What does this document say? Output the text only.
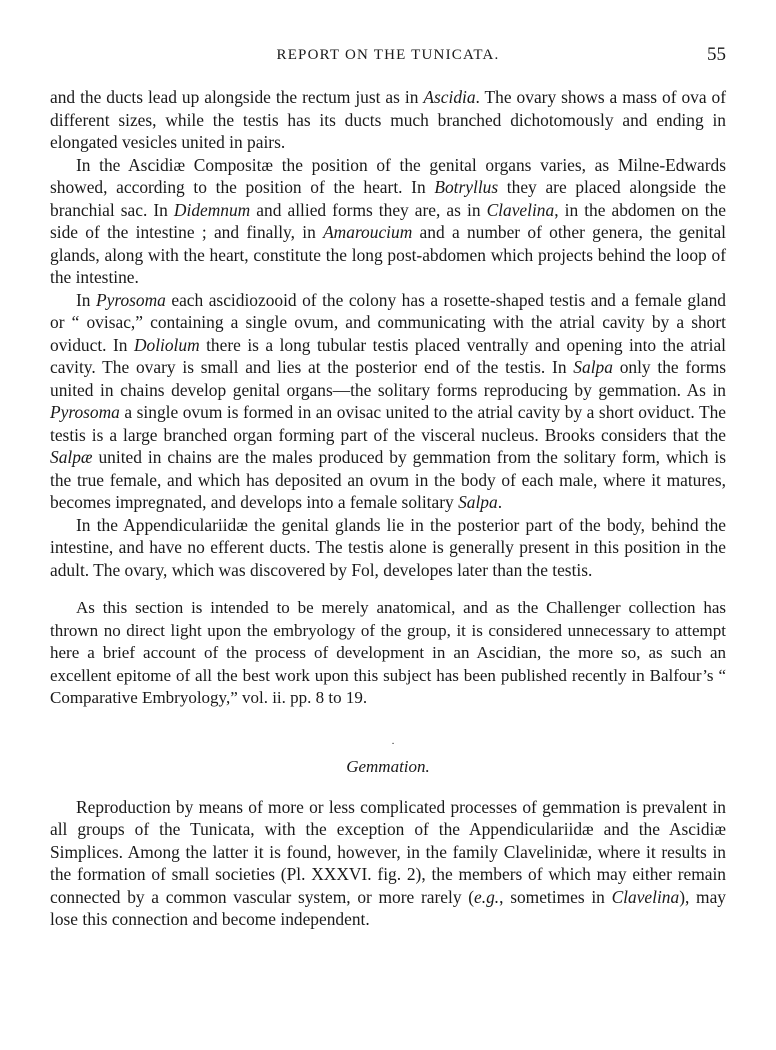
REPORT ON THE TUNICATA.	55

and the ducts lead up alongside the rectum just as in Ascidia. The ovary shows a mass of ova of different sizes, while the testis has its ducts much branched dichotomously and ending in elongated vesicles united in pairs.

In the Ascidiæ Compositæ the position of the genital organs varies, as Milne-Edwards showed, according to the position of the heart. In Botryllus they are placed alongside the branchial sac. In Didemnum and allied forms they are, as in Clavelina, in the abdomen on the side of the intestine ; and finally, in Amaroucium and a number of other genera, the genital glands, along with the heart, constitute the long post-abdomen which projects behind the loop of the intestine.

In Pyrosoma each ascidiozooid of the colony has a rosette-shaped testis and a female gland or “ ovisac,” containing a single ovum, and communicating with the atrial cavity by a short oviduct. In Doliolum there is a long tubular testis placed ventrally and opening into the atrial cavity. The ovary is small and lies at the posterior end of the testis. In Salpa only the forms united in chains develop genital organs—the solitary forms reproducing by gemmation. As in Pyrosoma a single ovum is formed in an ovisac united to the atrial cavity by a short oviduct. The testis is a large branched organ forming part of the visceral nucleus. Brooks considers that the Salpæ united in chains are the males produced by gemmation from the solitary form, which is the true female, and which has deposited an ovum in the body of each male, where it matures, becomes impregnated, and develops into a female solitary Salpa.

In the Appendiculariidæ the genital glands lie in the posterior part of the body, behind the intestine, and have no efferent ducts. The testis alone is generally present in this position in the adult. The ovary, which was discovered by Fol, developes later than the testis.

As this section is intended to be merely anatomical, and as the Challenger collection has thrown no direct light upon the embryology of the group, it is considered unnecessary to attempt here a brief account of the process of development in an Ascidian, the more so, as such an excellent epitome of all the best work upon this subject has been published recently in Balfour’s “ Comparative Embryology,” vol. ii. pp. 8 to 19.

·
Gemmation.

Reproduction by means of more or less complicated processes of gemmation is prevalent in all groups of the Tunicata, with the exception of the Appendiculariidæ and the Ascidiæ Simplices. Among the latter it is found, however, in the family Clavelinidæ, where it results in the formation of small societies (Pl. XXXVI. fig. 2), the members of which may either remain connected by a common vascular system, or more rarely (e.g., sometimes in Clavelina), may lose this connection and become independent.
